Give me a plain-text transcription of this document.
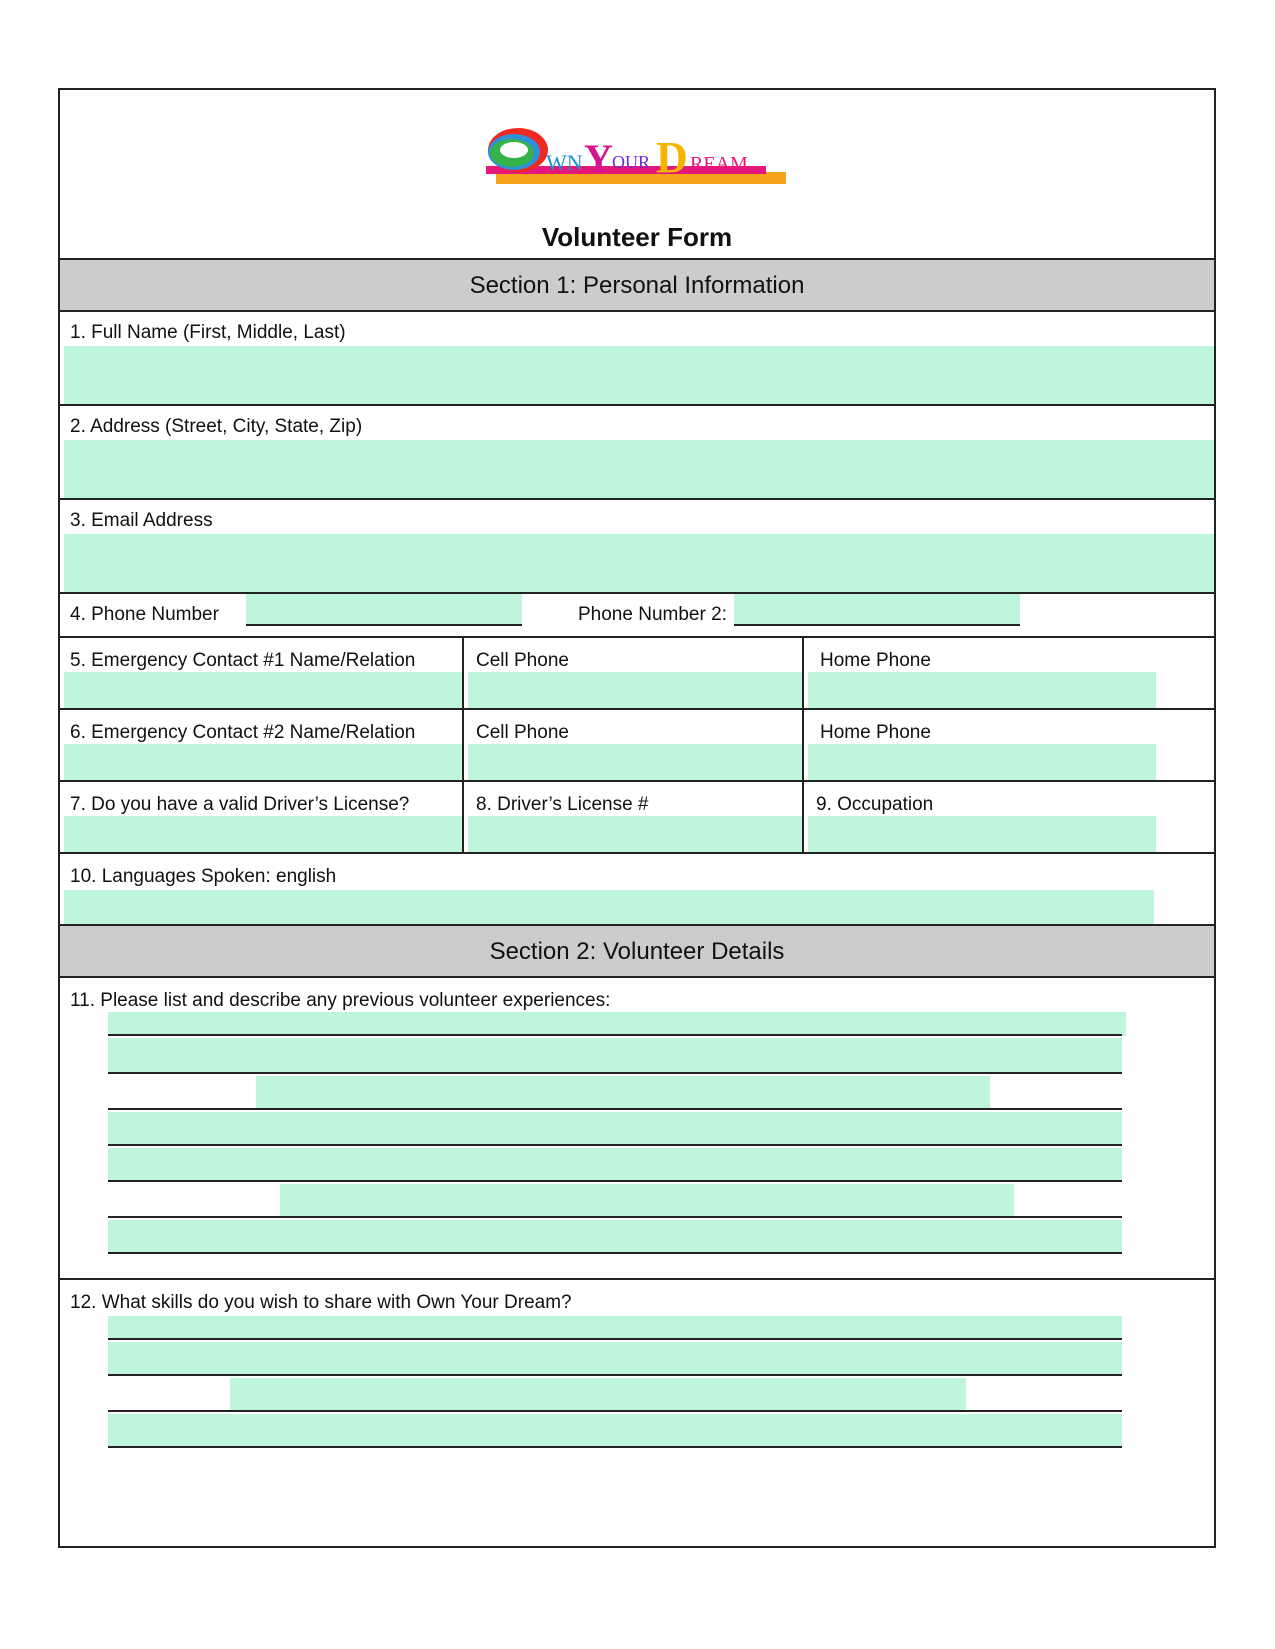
WN Y OUR D REAM
Volunteer Form
Section 1: Personal Information
1. Full Name (First, Middle, Last)
2. Address (Street, City, State, Zip)
3. Email Address
4. Phone Number	Phone Number 2:
5. Emergency Contact #1 Name/Relation	Cell Phone	Home Phone
6. Emergency Contact #2 Name/Relation	Cell Phone	Home Phone
7. Do you have a valid Driver’s License?	8. Driver’s License #	9. Occupation
10. Languages Spoken: english
Section 2: Volunteer Details
11. Please list and describe any previous volunteer experiences:
12. What skills do you wish to share with Own Your Dream?
